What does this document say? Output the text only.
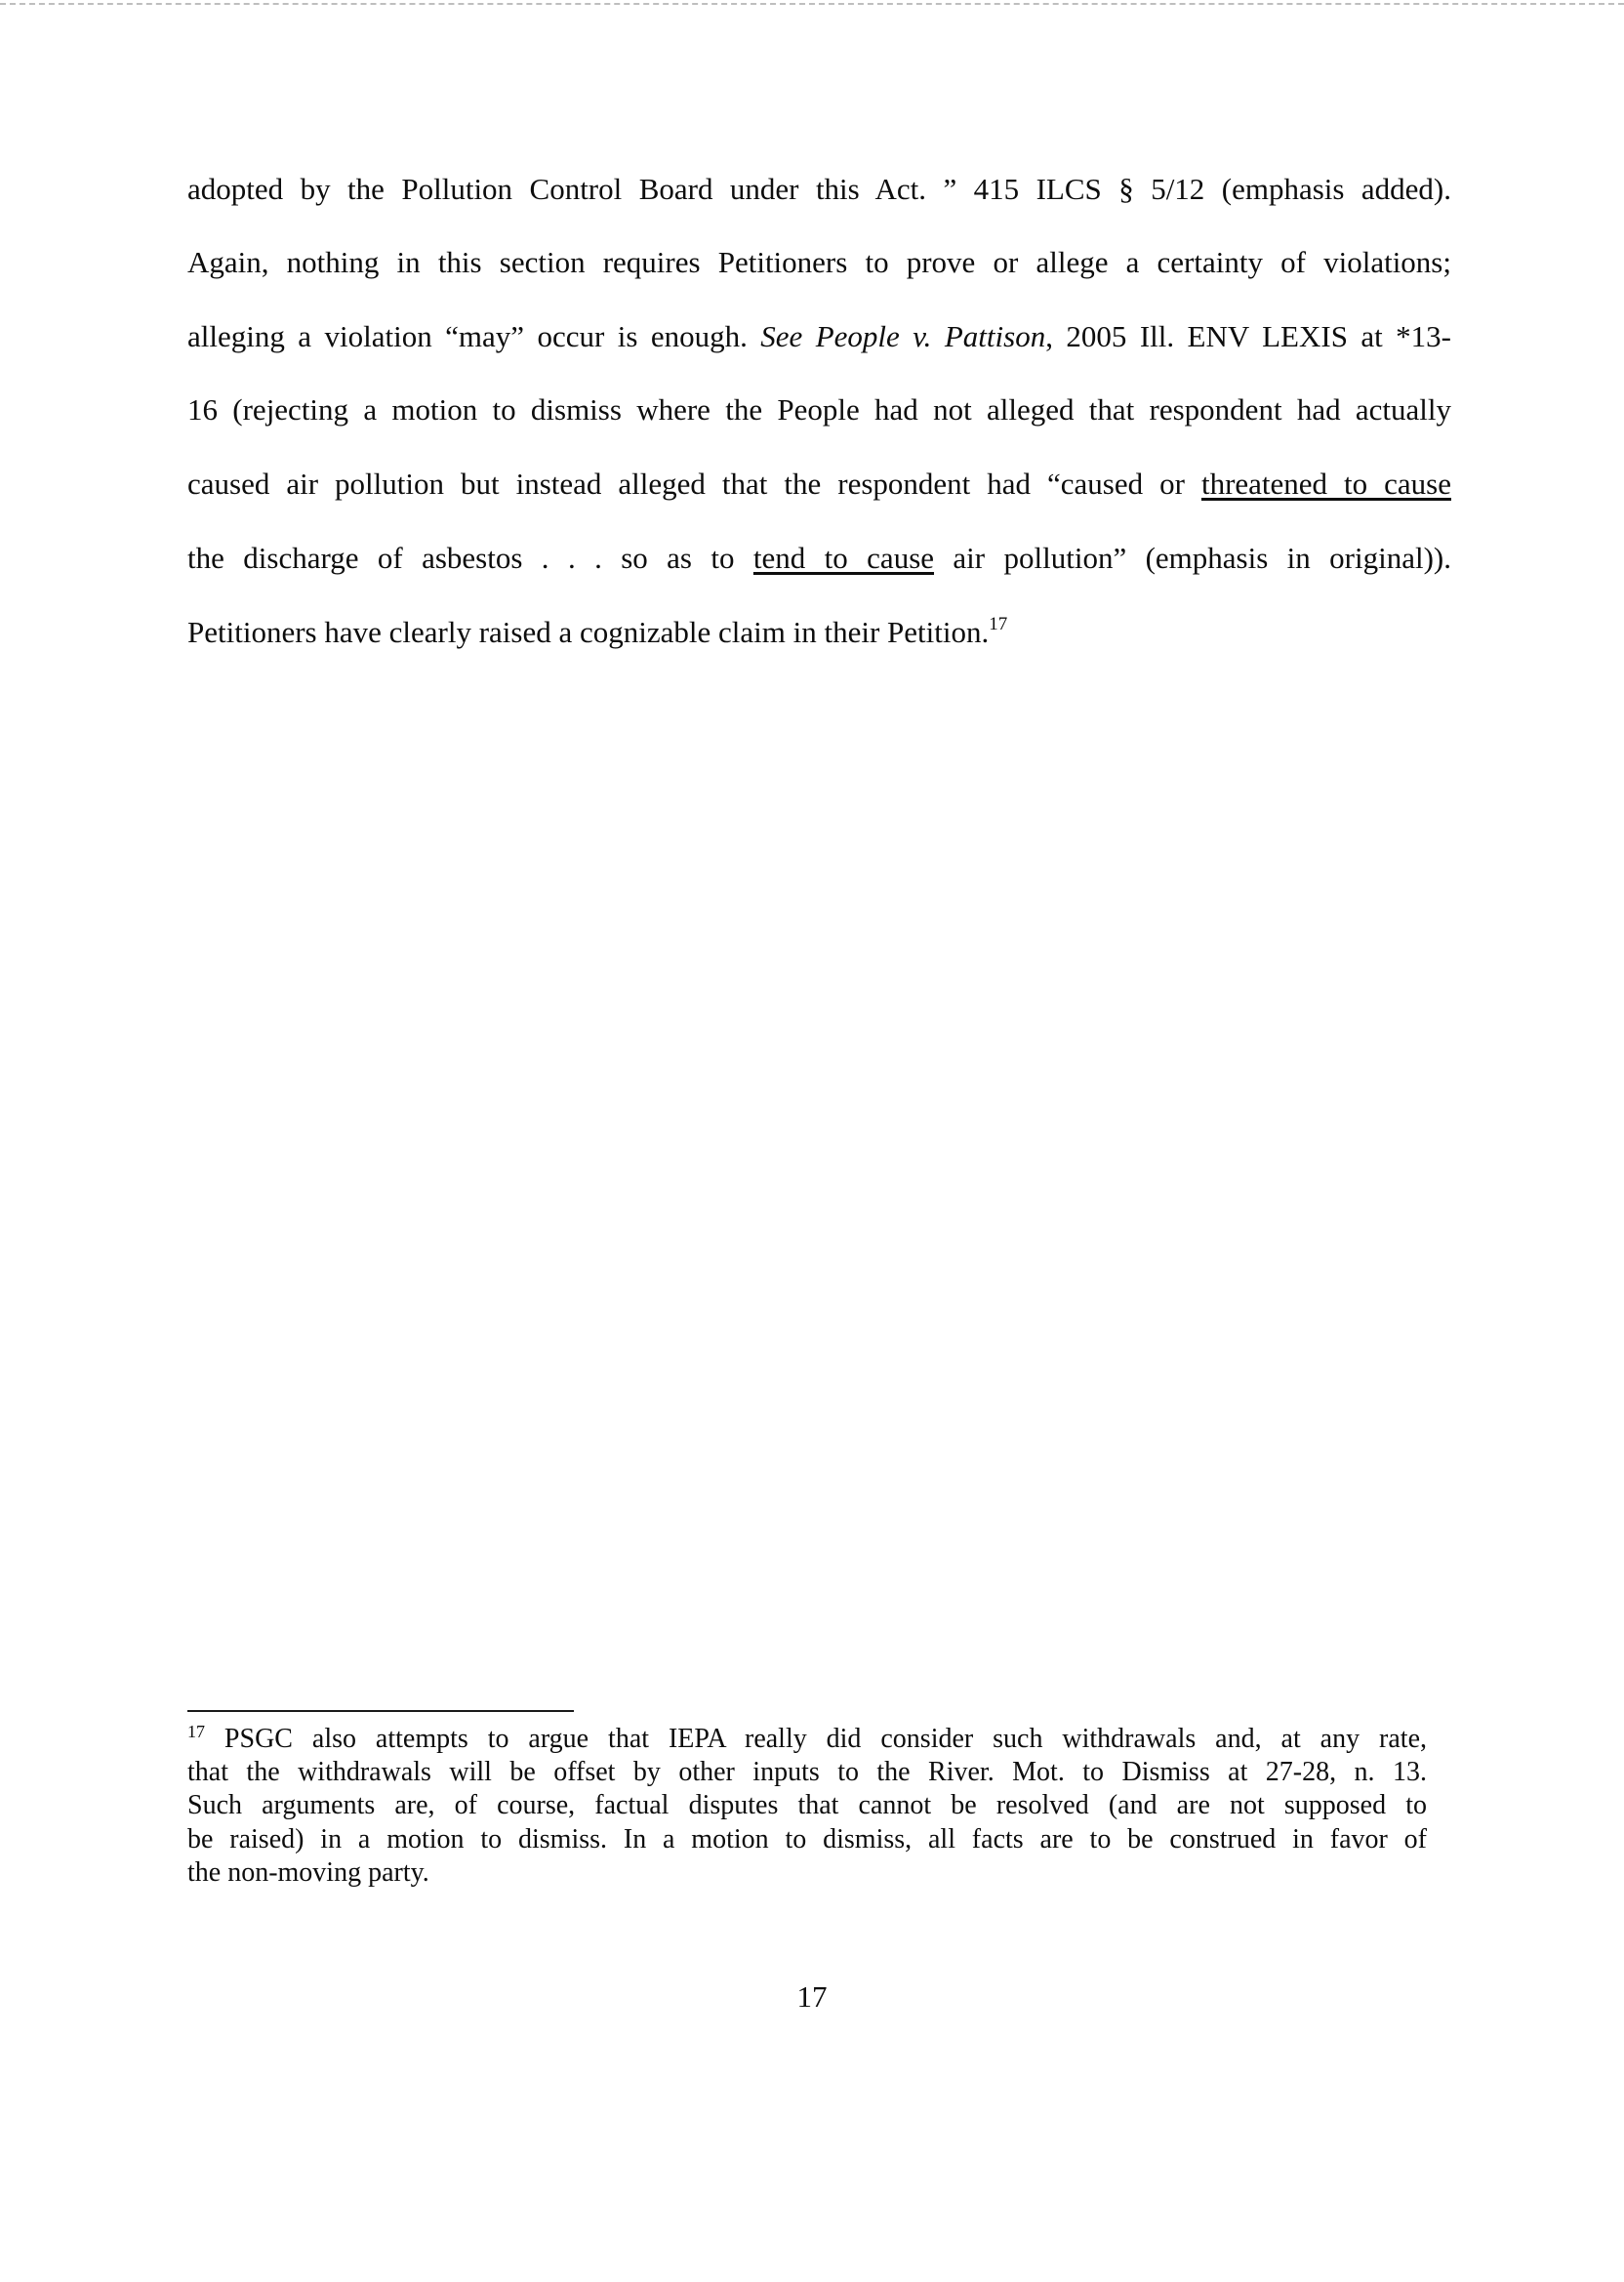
adopted by the Pollution Control Board under this Act. ” 415 ILCS § 5/12 (emphasis added).
Again, nothing in this section requires Petitioners to prove or allege a certainty of violations;
alleging a violation “may” occur is enough. See People v. Pattison, 2005 Ill. ENV LEXIS at *13-
16 (rejecting a motion to dismiss where the People had not alleged that respondent had actually
caused air pollution but instead alleged that the respondent had “caused or threatened to cause
the discharge of asbestos . . . so as to tend to cause air pollution” (emphasis in original)).
Petitioners have clearly raised a cognizable claim in their Petition.$^{17}$
$^{17}$ PSGC also attempts to argue that IEPA really did consider such withdrawals and, at any rate,
that the withdrawals will be offset by other inputs to the River. Mot. to Dismiss at 27-28, n. 13.
Such arguments are, of course, factual disputes that cannot be resolved (and are not supposed to
be raised) in a motion to dismiss. In a motion to dismiss, all facts are to be construed in favor of
the non-moving party.
17
